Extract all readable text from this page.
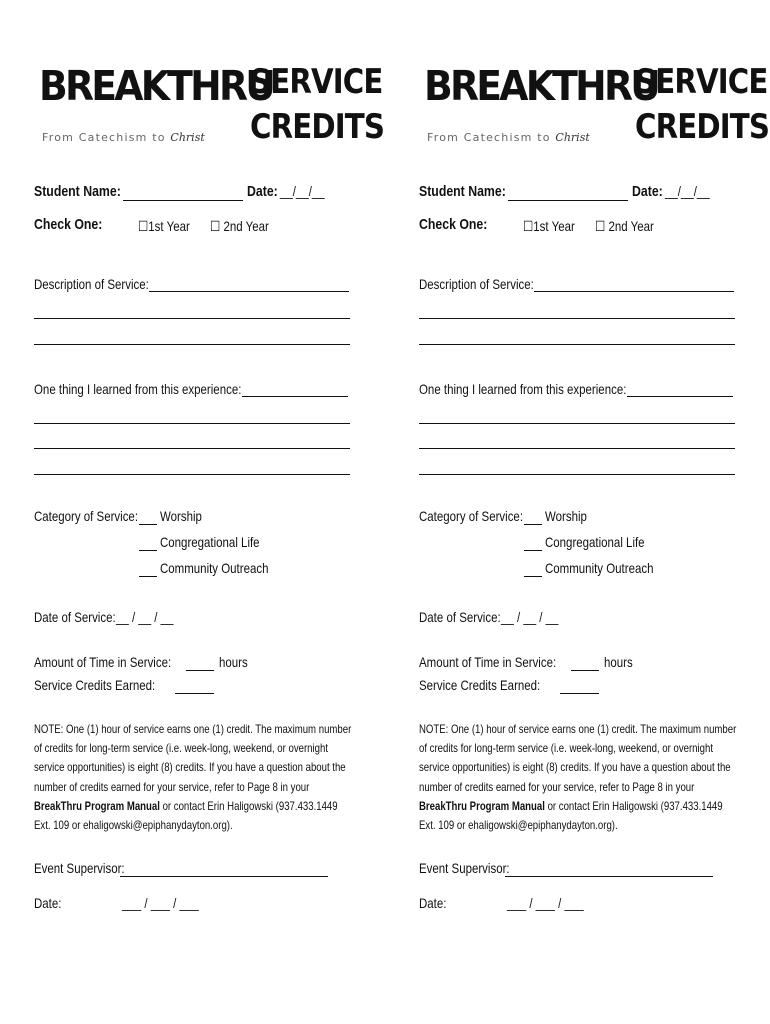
BREAKTHRU
From Catechism to Christ
SERVICE
CREDITS
Student Name:	Date: __/__/__
Check One:	☐1st Year ☐ 2nd Year
Description of Service:
One thing I learned from this experience:
Category of Service: Worship
Congregational Life
Community Outreach
Date of Service: __ / __ / __
Amount of Time in Service:	hours
Service Credits Earned:
NOTE: One (1) hour of service earns one (1) credit. The maximum number of credits for long-term service (i.e. week-long, weekend, or overnight service opportunities) is eight (8) credits. If you have a question about the number of credits earned for your service, refer to Page 8 in your BreakThru Program Manual or contact Erin Haligowski (937.433.1449 Ext. 109 or ehaligowski@epiphanydayton.org).
Event Supervisor:
Date:	___ / ___ / ___
BREAKTHRU
From Catechism to Christ
SERVICE
CREDITS
Student Name:	Date: __/__/__
Check One:	☐1st Year ☐ 2nd Year
Description of Service:
One thing I learned from this experience:
Category of Service: Worship
Congregational Life
Community Outreach
Date of Service: __ / __ / __
Amount of Time in Service:	hours
Service Credits Earned:
NOTE: One (1) hour of service earns one (1) credit. The maximum number of credits for long-term service (i.e. week-long, weekend, or overnight service opportunities) is eight (8) credits. If you have a question about the number of credits earned for your service, refer to Page 8 in your BreakThru Program Manual or contact Erin Haligowski (937.433.1449 Ext. 109 or ehaligowski@epiphanydayton.org).
Event Supervisor:
Date:	___ / ___ / ___
